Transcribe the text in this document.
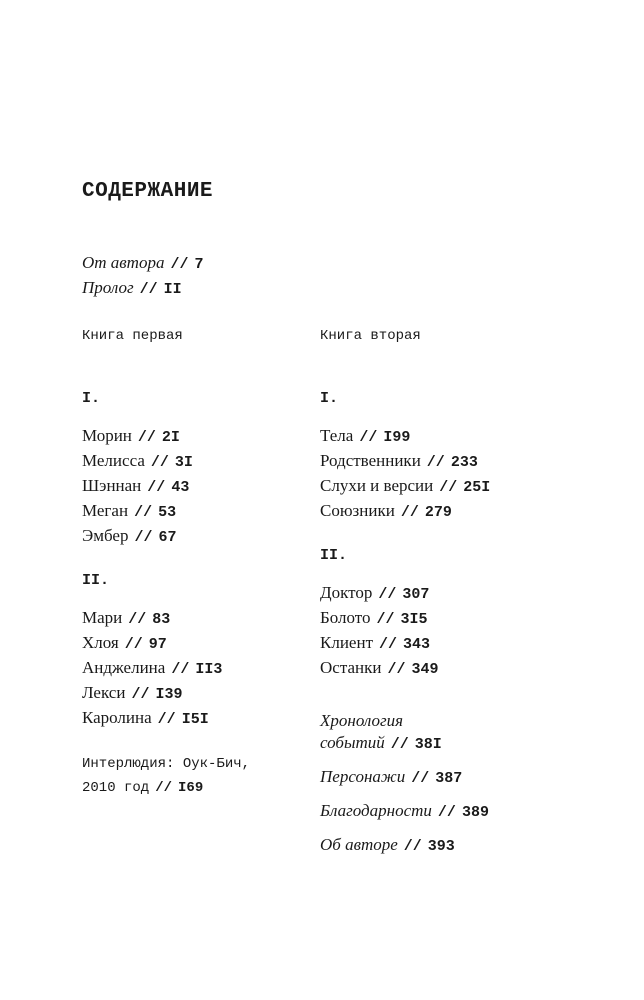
СОДЕРЖАНИЕ
От автора // 7
Пролог // II
Книга первая
I.
Морин // 2I
Мелисса // 3I
Шэннан // 43
Меган // 53
Эмбер // 67
II.
Мари // 83
Хлоя // 97
Анджелина // II3
Лекси // I39
Каролина // I5I
Интерлюдия: Оук-Бич,
2010 год // I69
Книга вторая
I.
Тела // I99
Родственники // 233
Слухи и версии // 25I
Союзники // 279
II.
Доктор // 307
Болото // 3I5
Клиент // 343
Останки // 349
Хронология
событий // 38I
Персонажи // 387
Благодарности // 389
Об авторе // 393
